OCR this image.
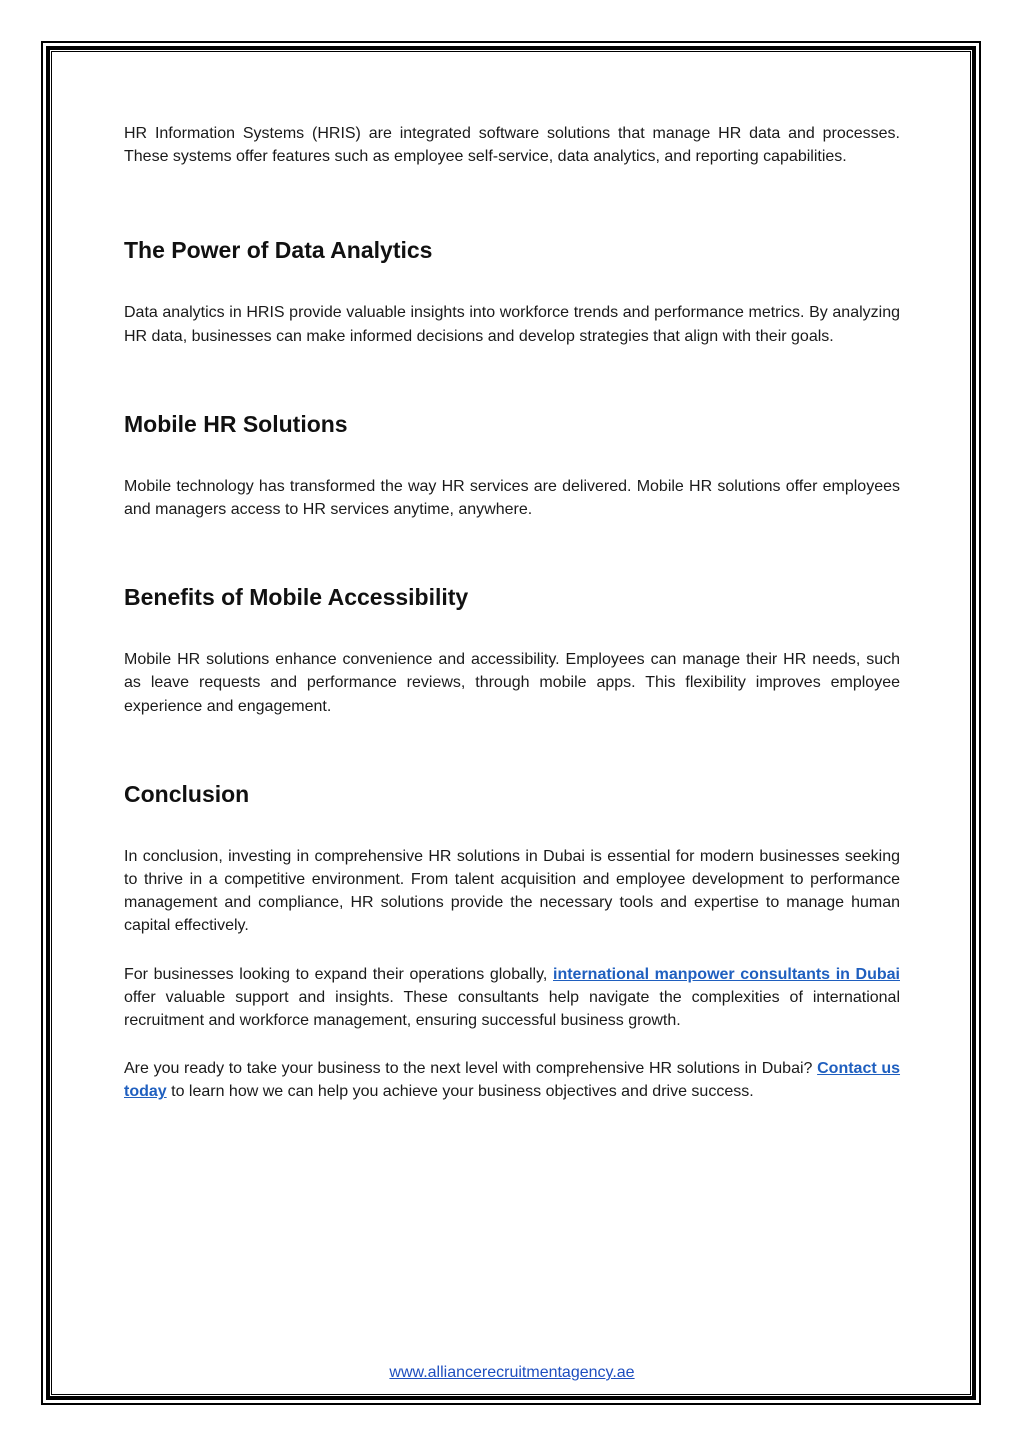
HR Information Systems (HRIS) are integrated software solutions that manage HR data and processes. These systems offer features such as employee self-service, data analytics, and reporting capabilities.

The Power of Data Analytics

Data analytics in HRIS provide valuable insights into workforce trends and performance metrics. By analyzing HR data, businesses can make informed decisions and develop strategies that align with their goals.

Mobile HR Solutions

Mobile technology has transformed the way HR services are delivered. Mobile HR solutions offer employees and managers access to HR services anytime, anywhere.

Benefits of Mobile Accessibility

Mobile HR solutions enhance convenience and accessibility. Employees can manage their HR needs, such as leave requests and performance reviews, through mobile apps. This flexibility improves employee experience and engagement.

Conclusion

In conclusion, investing in comprehensive HR solutions in Dubai is essential for modern businesses seeking to thrive in a competitive environment. From talent acquisition and employee development to performance management and compliance, HR solutions provide the necessary tools and expertise to manage human capital effectively.

For businesses looking to expand their operations globally, international manpower consultants in Dubai offer valuable support and insights. These consultants help navigate the complexities of international recruitment and workforce management, ensuring successful business growth.

Are you ready to take your business to the next level with comprehensive HR solutions in Dubai? Contact us today to learn how we can help you achieve your business objectives and drive success.

www.alliancerecruitmentagency.ae
